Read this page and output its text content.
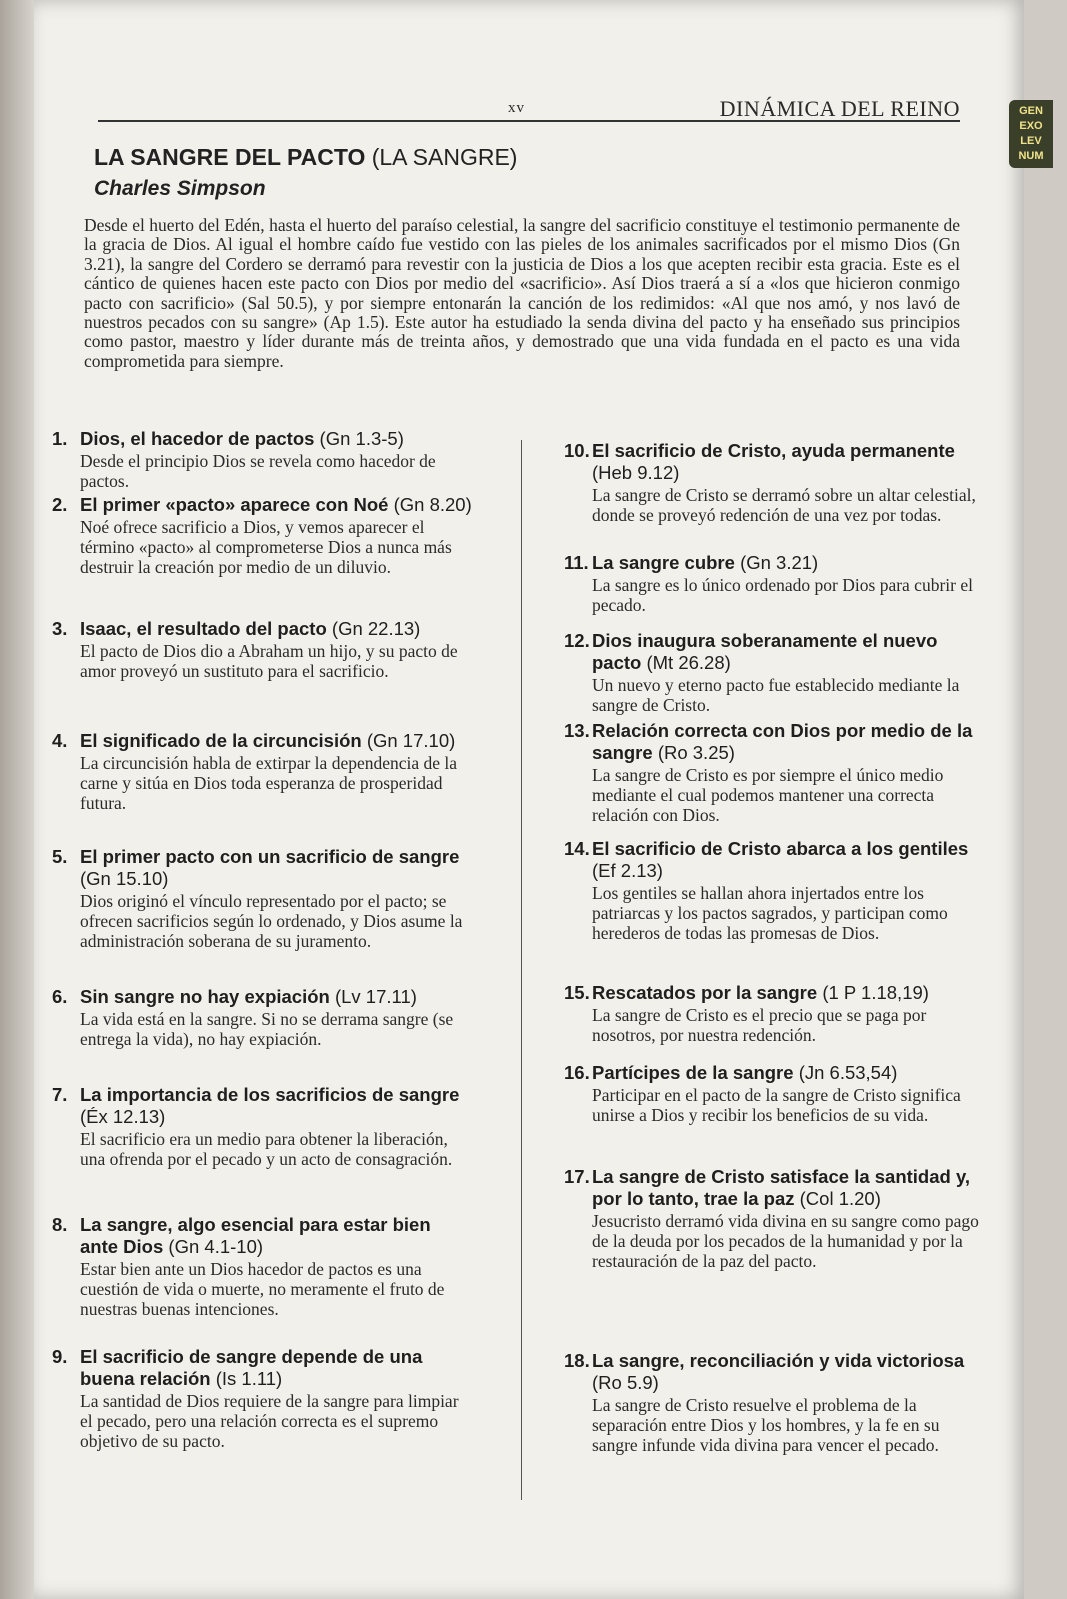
GEN
EXO
LEV
NUM
xv	DINÁMICA DEL REINO
LA SANGRE DEL PACTO (LA SANGRE)
Charles Simpson

Desde el huerto del Edén, hasta el huerto del paraíso celestial, la sangre del sacrificio constituye el testimonio permanente de la gracia de Dios. Al igual el hombre caído fue vestido con las pieles de los animales sacrificados por el mismo Dios (Gn 3.21), la sangre del Cordero se derramó para revestir con la justicia de Dios a los que acepten recibir esta gracia. Este es el cántico de quienes hacen este pacto con Dios por medio del «sacrificio». Así Dios traerá a sí a «los que hicieron conmigo pacto con sacrificio» (Sal 50.5), y por siempre entonarán la canción de los redimidos: «Al que nos amó, y nos lavó de nuestros pecados con su sangre» (Ap 1.5). Este autor ha estudiado la senda divina del pacto y ha enseñado sus principios como pastor, maestro y líder durante más de treinta años, y demostrado que una vida fundada en el pacto es una vida comprometida para siempre.

1. Dios, el hacedor de pactos (Gn 1.3-5)
Desde el principio Dios se revela como hacedor de pactos.
2. El primer «pacto» aparece con Noé (Gn 8.20)
Noé ofrece sacrificio a Dios, y vemos aparecer el término «pacto» al comprometerse Dios a nunca más destruir la creación por medio de un diluvio.
3. Isaac, el resultado del pacto (Gn 22.13)
El pacto de Dios dio a Abraham un hijo, y su pacto de amor proveyó un sustituto para el sacrificio.
4. El significado de la circuncisión (Gn 17.10)
La circuncisión habla de extirpar la dependencia de la carne y sitúa en Dios toda esperanza de prosperidad futura.
5. El primer pacto con un sacrificio de sangre (Gn 15.10)
Dios originó el vínculo representado por el pacto; se ofrecen sacrificios según lo ordenado, y Dios asume la administración soberana de su juramento.
6. Sin sangre no hay expiación (Lv 17.11)
La vida está en la sangre. Si no se derrama sangre (se entrega la vida), no hay expiación.
7. La importancia de los sacrificios de sangre (Éx 12.13)
El sacrificio era un medio para obtener la liberación, una ofrenda por el pecado y un acto de consagración.
8. La sangre, algo esencial para estar bien ante Dios (Gn 4.1-10)
Estar bien ante un Dios hacedor de pactos es una cuestión de vida o muerte, no meramente el fruto de nuestras buenas intenciones.
9. El sacrificio de sangre depende de una buena relación (Is 1.11)
La santidad de Dios requiere de la sangre para limpiar el pecado, pero una relación correcta es el supremo objetivo de su pacto.
10. El sacrificio de Cristo, ayuda permanente (Heb 9.12)
La sangre de Cristo se derramó sobre un altar celestial, donde se proveyó redención de una vez por todas.
11. La sangre cubre (Gn 3.21)
La sangre es lo único ordenado por Dios para cubrir el pecado.
12. Dios inaugura soberanamente el nuevo pacto (Mt 26.28)
Un nuevo y eterno pacto fue establecido mediante la sangre de Cristo.
13. Relación correcta con Dios por medio de la sangre (Ro 3.25)
La sangre de Cristo es por siempre el único medio mediante el cual podemos mantener una correcta relación con Dios.
14. El sacrificio de Cristo abarca a los gentiles (Ef 2.13)
Los gentiles se hallan ahora injertados entre los patriarcas y los pactos sagrados, y participan como herederos de todas las promesas de Dios.
15. Rescatados por la sangre (1 P 1.18,19)
La sangre de Cristo es el precio que se paga por nosotros, por nuestra redención.
16. Partícipes de la sangre (Jn 6.53,54)
Participar en el pacto de la sangre de Cristo significa unirse a Dios y recibir los beneficios de su vida.
17. La sangre de Cristo satisface la santidad y, por lo tanto, trae la paz (Col 1.20)
Jesucristo derramó vida divina en su sangre como pago de la deuda por los pecados de la humanidad y por la restauración de la paz del pacto.
18. La sangre, reconciliación y vida victoriosa (Ro 5.9)
La sangre de Cristo resuelve el problema de la separación entre Dios y los hombres, y la fe en su sangre infunde vida divina para vencer el pecado.
